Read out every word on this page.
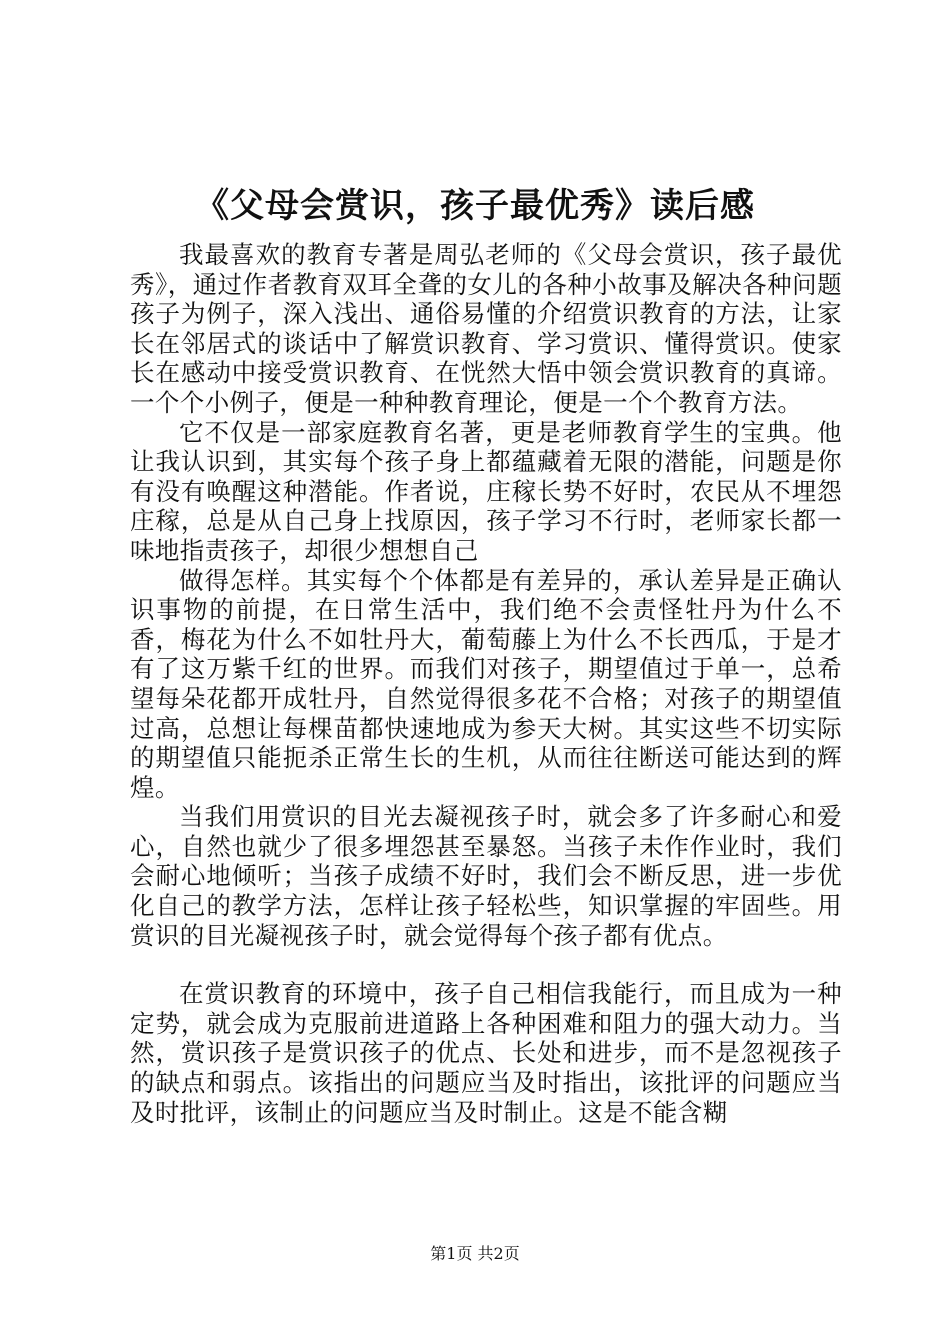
《父母会赏识，孩子最优秀》读后感

我最喜欢的教育专著是周弘老师的《父母会赏识，孩子最优秀》，通过作者教育双耳全聋的女儿的各种小故事及解决各种问题孩子为例子，深入浅出、通俗易懂的介绍赏识教育的方法，让家长在邻居式的谈话中了解赏识教育、学习赏识、懂得赏识。使家长在感动中接受赏识教育、在恍然大悟中领会赏识教育的真谛。一个个小例子，便是一种种教育理论，便是一个个教育方法。

它不仅是一部家庭教育名著，更是老师教育学生的宝典。他让我认识到，其实每个孩子身上都蕴藏着无限的潜能，问题是你有没有唤醒这种潜能。作者说，庄稼长势不好时，农民从不埋怨庄稼，总是从自己身上找原因，孩子学习不行时，老师家长都一味地指责孩子，却很少想想自己

做得怎样。其实每个个体都是有差异的，承认差异是正确认识事物的前提，在日常生活中，我们绝不会责怪牡丹为什么不香，梅花为什么不如牡丹大，葡萄藤上为什么不长西瓜，于是才有了这万紫千红的世界。而我们对孩子，期望值过于单一，总希望每朵花都开成牡丹，自然觉得很多花不合格；对孩子的期望值过高，总想让每棵苗都快速地成为参天大树。其实这些不切实际的期望值只能扼杀正常生长的生机，从而往往断送可能达到的辉煌。

当我们用赏识的目光去凝视孩子时，就会多了许多耐心和爱心，自然也就少了很多埋怨甚至暴怒。当孩子未作作业时，我们会耐心地倾听；当孩子成绩不好时，我们会不断反思，进一步优化自己的教学方法，怎样让孩子轻松些，知识掌握的牢固些。用赏识的目光凝视孩子时，就会觉得每个孩子都有优点。

在赏识教育的环境中，孩子自己相信我能行，而且成为一种定势，就会成为克服前进道路上各种困难和阻力的强大动力。当然，赏识孩子是赏识孩子的优点、长处和进步，而不是忽视孩子的缺点和弱点。该指出的问题应当及时指出，该批评的问题应当及时批评，该制止的问题应当及时制止。这是不能含糊

第1页 共2页
